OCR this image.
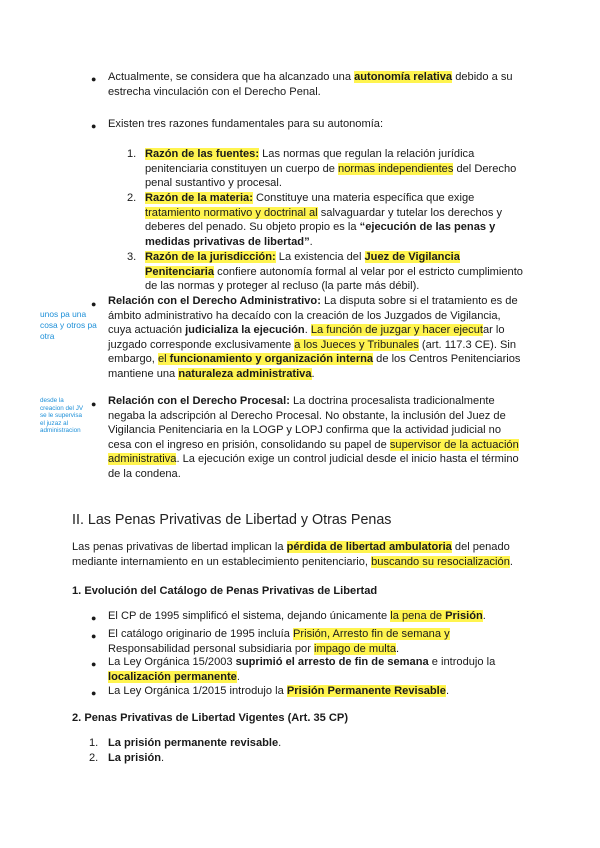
● Actualmente, se considera que ha alcanzado una autonomía relativa debido a su
estrecha vinculación con el Derecho Penal.
● Existen tres razones fundamentales para su autonomía:
1. Razón de las fuentes: Las normas que regulan la relación jurídica
penitenciaria constituyen un cuerpo de normas independientes del Derecho
penal sustantivo y procesal.
2. Razón de la materia: Constituye una materia específica que exige
tratamiento normativo y doctrinal al salvaguardar y tutelar los derechos y
deberes del penado. Su objeto propio es la “ejecución de las penas y
medidas privativas de libertad”.
3. Razón de la jurisdicción: La existencia del Juez de Vigilancia
Penitenciaria confiere autonomía formal al velar por el estricto cumplimiento
de las normas y proteger al recluso (la parte más débil).
unos pa una
cosa y otros pa
otra
● Relación con el Derecho Administrativo: La disputa sobre si el tratamiento es de
ámbito administrativo ha decaído con la creación de los Juzgados de Vigilancia,
cuya actuación judicializa la ejecución. La función de juzgar y hacer ejecutar lo
juzgado corresponde exclusivamente a los Jueces y Tribunales (art. 117.3 CE). Sin
embargo, el funcionamiento y organización interna de los Centros Penitenciarios
mantiene una naturaleza administrativa.
desde la
creacion del JV
se le supervisa
el juzaz al
administracion
● Relación con el Derecho Procesal: La doctrina procesalista tradicionalmente
negaba la adscripción al Derecho Procesal. No obstante, la inclusión del Juez de
Vigilancia Penitenciaria en la LOGP y LOPJ confirma que la actividad judicial no
cesa con el ingreso en prisión, consolidando su papel de supervisor de la actuación
administrativa. La ejecución exige un control judicial desde el inicio hasta el término
de la condena.
II. Las Penas Privativas de Libertad y Otras Penas
Las penas privativas de libertad implican la pérdida de libertad ambulatoria del penado
mediante internamiento en un establecimiento penitenciario, buscando su resocialización.
1. Evolución del Catálogo de Penas Privativas de Libertad
● El CP de 1995 simplificó el sistema, dejando únicamente la pena de Prisión.
● El catálogo originario de 1995 incluía Prisión, Arresto fin de semana y
Responsabilidad personal subsidiaria por impago de multa.
● La Ley Orgánica 15/2003 suprimió el arresto de fin de semana e introdujo la
localización permanente.
● La Ley Orgánica 1/2015 introdujo la Prisión Permanente Revisable.
2. Penas Privativas de Libertad Vigentes (Art. 35 CP)
1. La prisión permanente revisable.
2. La prisión.
